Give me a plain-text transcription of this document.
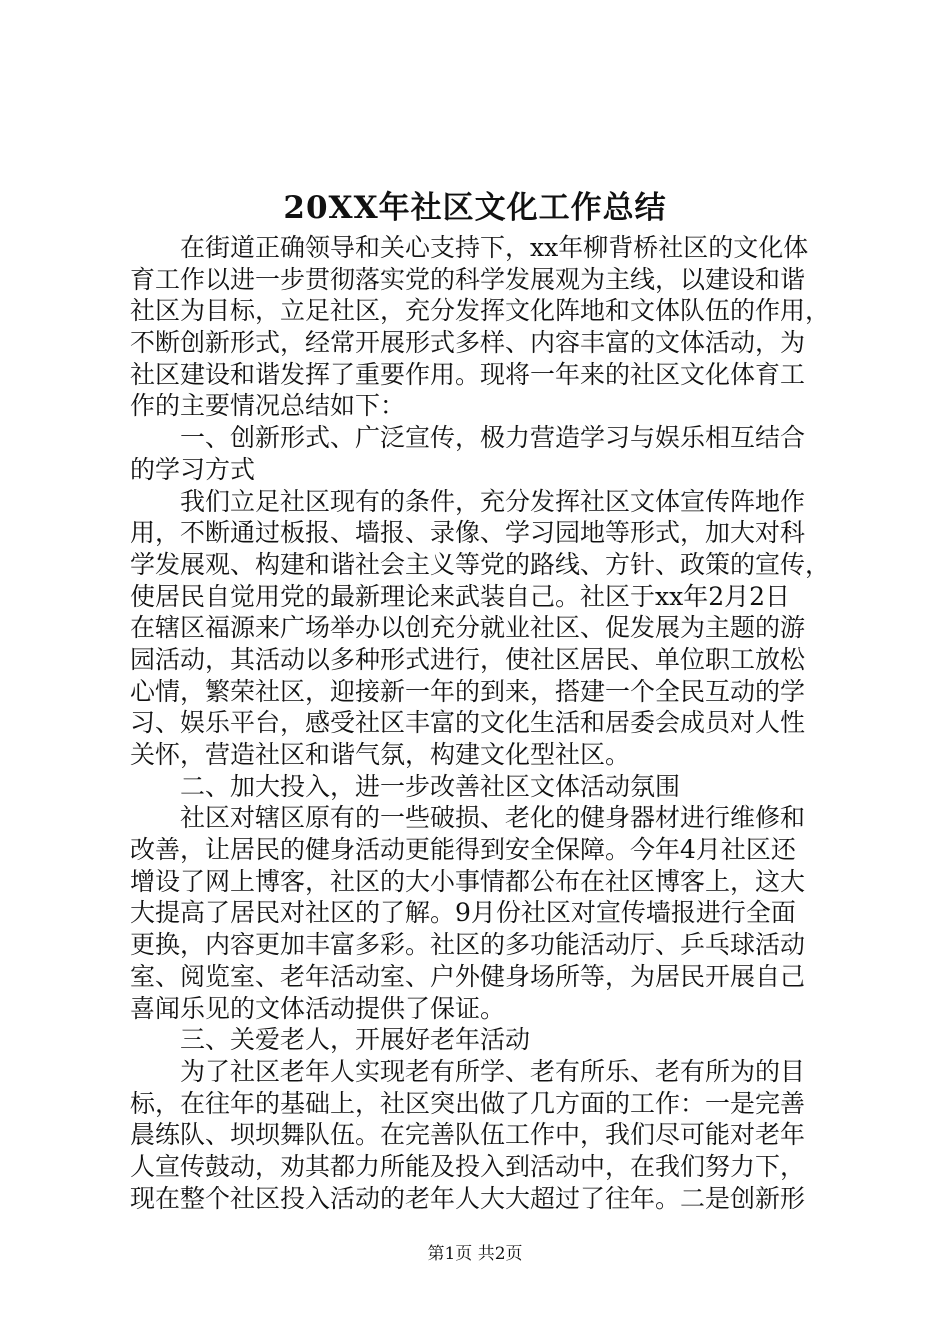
20XX年社区文化工作总结
　　在街道正确领导和关心支持下，xx年柳背桥社区的文化体
育工作以进一步贯彻落实党的科学发展观为主线，以建设和谐
社区为目标，立足社区，充分发挥文化阵地和文体队伍的作用，
不断创新形式，经常开展形式多样、内容丰富的文体活动，为
社区建设和谐发挥了重要作用。现将一年来的社区文化体育工
作的主要情况总结如下：
　　一、创新形式、广泛宣传，极力营造学习与娱乐相互结合
的学习方式
　　我们立足社区现有的条件，充分发挥社区文体宣传阵地作
用，不断通过板报、墙报、录像、学习园地等形式，加大对科
学发展观、构建和谐社会主义等党的路线、方针、政策的宣传，
使居民自觉用党的最新理论来武装自己。社区于xx年2月2日
在辖区福源来广场举办以创充分就业社区、促发展为主题的游
园活动，其活动以多种形式进行，使社区居民、单位职工放松
心情，繁荣社区，迎接新一年的到来，搭建一个全民互动的学
习、娱乐平台，感受社区丰富的文化生活和居委会成员对人性
关怀，营造社区和谐气氛，构建文化型社区。
　　二、加大投入，进一步改善社区文体活动氛围
　　社区对辖区原有的一些破损、老化的健身器材进行维修和
改善，让居民的健身活动更能得到安全保障。今年4月社区还
增设了网上博客，社区的大小事情都公布在社区博客上，这大
大提高了居民对社区的了解。9月份社区对宣传墙报进行全面
更换，内容更加丰富多彩。社区的多功能活动厅、乒乓球活动
室、阅览室、老年活动室、户外健身场所等，为居民开展自己
喜闻乐见的文体活动提供了保证。
　　三、关爱老人，开展好老年活动
　　为了社区老年人实现老有所学、老有所乐、老有所为的目
标，在往年的基础上，社区突出做了几方面的工作：一是完善
晨练队、坝坝舞队伍。在完善队伍工作中，我们尽可能对老年
人宣传鼓动，劝其都力所能及投入到活动中，在我们努力下，
现在整个社区投入活动的老年人大大超过了往年。二是创新形
第1页 共2页
